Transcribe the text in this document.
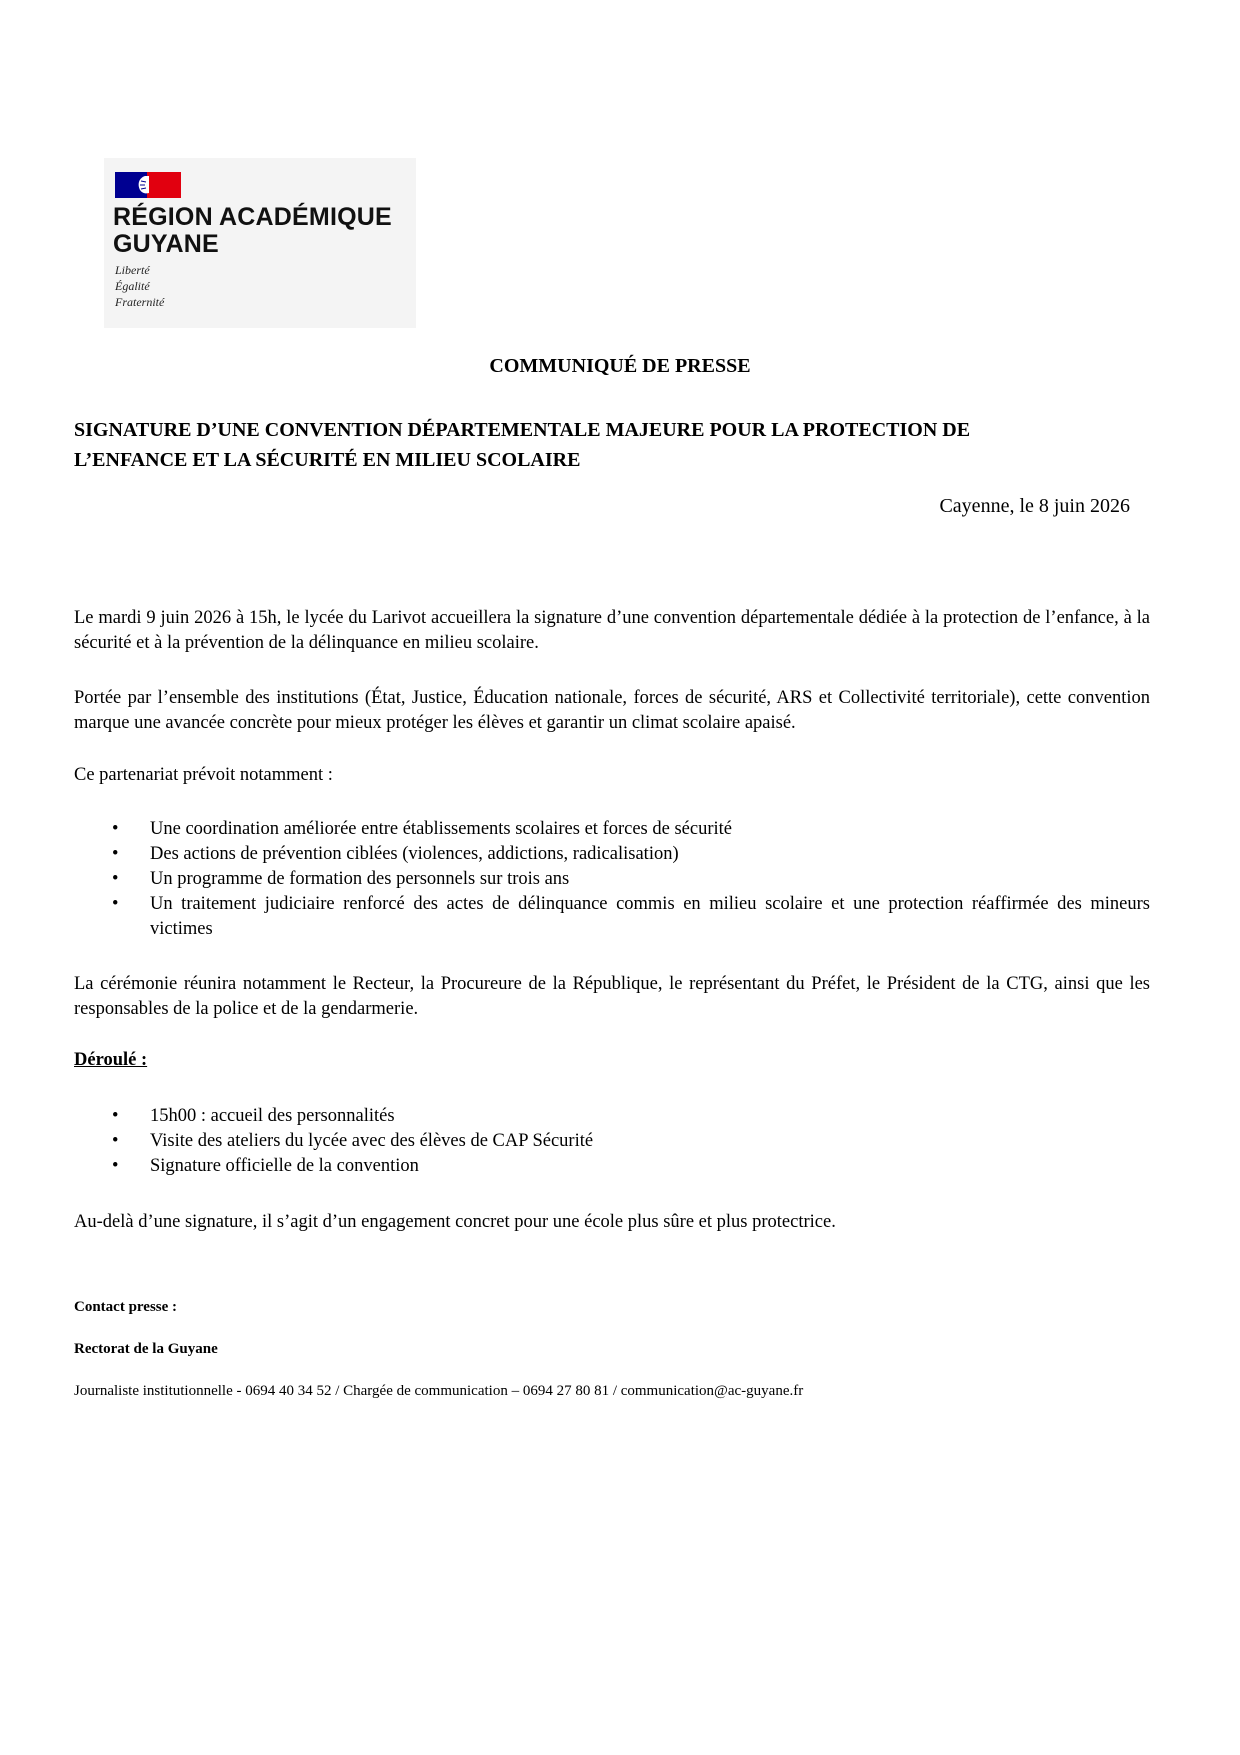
RÉGION ACADÉMIQUE
GUYANE
Liberté
Égalité
Fraternité
COMMUNIQUÉ DE PRESSE
SIGNATURE D’UNE CONVENTION DÉPARTEMENTALE MAJEURE POUR LA PROTECTION DE
L’ENFANCE ET LA SÉCURITÉ EN MILIEU SCOLAIRE
Cayenne, le 8 juin 2026

Le mardi 9 juin 2026 à 15h, le lycée du Larivot accueillera la signature d’une convention départementale dédiée à la protection de l’enfance, à la sécurité et à la prévention de la délinquance en milieu scolaire.

Portée par l’ensemble des institutions (État, Justice, Éducation nationale, forces de sécurité, ARS et Collectivité territoriale), cette convention marque une avancée concrète pour mieux protéger les élèves et garantir un climat scolaire apaisé.

Ce partenariat prévoit notamment :

• Une coordination améliorée entre établissements scolaires et forces de sécurité
• Des actions de prévention ciblées (violences, addictions, radicalisation)
• Un programme de formation des personnels sur trois ans
• Un traitement judiciaire renforcé des actes de délinquance commis en milieu scolaire et une protection réaffirmée des mineurs victimes

La cérémonie réunira notamment le Recteur, la Procureure de la République, le représentant du Préfet, le Président de la CTG, ainsi que les responsables de la police et de la gendarmerie.

Déroulé :
• 15h00 : accueil des personnalités
• Visite des ateliers du lycée avec des élèves de CAP Sécurité
• Signature officielle de la convention

Au-delà d’une signature, il s’agit d’un engagement concret pour une école plus sûre et plus protectrice.

Contact presse :
Rectorat de la Guyane
Journaliste institutionnelle - 0694 40 34 52 / Chargée de communication – 0694 27 80 81 / communication@ac-guyane.fr
